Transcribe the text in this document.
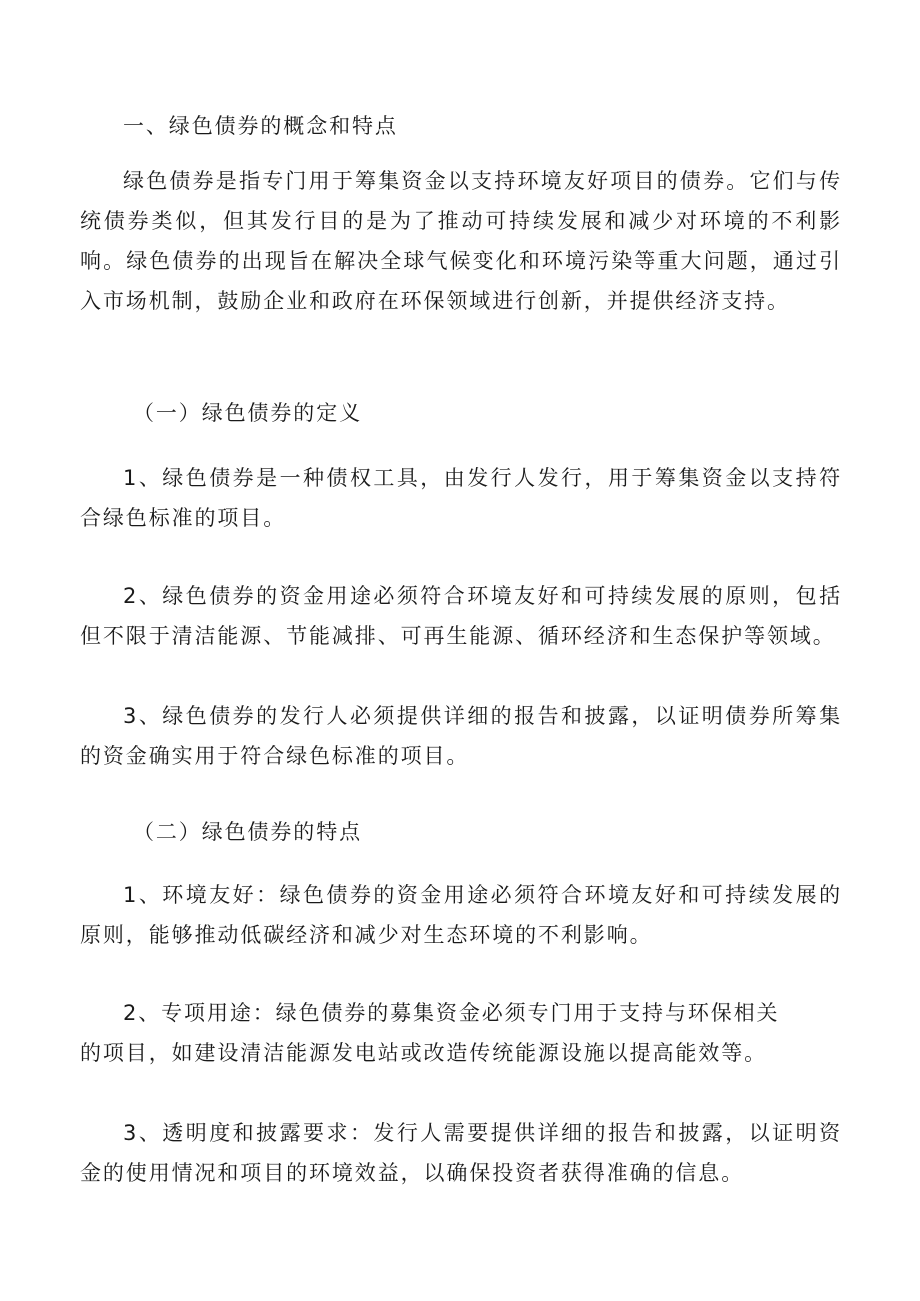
一、绿色债券的概念和特点

绿色债券是指专门用于筹集资金以支持环境友好项目的债券。它们与传统债券类似，但其发行目的是为了推动可持续发展和减少对环境的不利影响。绿色债券的出现旨在解决全球气候变化和环境污染等重大问题，通过引入市场机制，鼓励企业和政府在环保领域进行创新，并提供经济支持。

（一）绿色债券的定义

1、绿色债券是一种债权工具，由发行人发行，用于筹集资金以支持符合绿色标准的项目。

2、绿色债券的资金用途必须符合环境友好和可持续发展的原则，包括但不限于清洁能源、节能减排、可再生能源、循环经济和生态保护等领域。

3、绿色债券的发行人必须提供详细的报告和披露，以证明债券所筹集的资金确实用于符合绿色标准的项目。

（二）绿色债券的特点

1、环境友好：绿色债券的资金用途必须符合环境友好和可持续发展的原则，能够推动低碳经济和减少对生态环境的不利影响。

2、专项用途：绿色债券的募集资金必须专门用于支持与环保相关
的项目，如建设清洁能源发电站或改造传统能源设施以提高能效等。

3、透明度和披露要求：发行人需要提供详细的报告和披露，以证明资金的使用情况和项目的环境效益，以确保投资者获得准确的信息。
